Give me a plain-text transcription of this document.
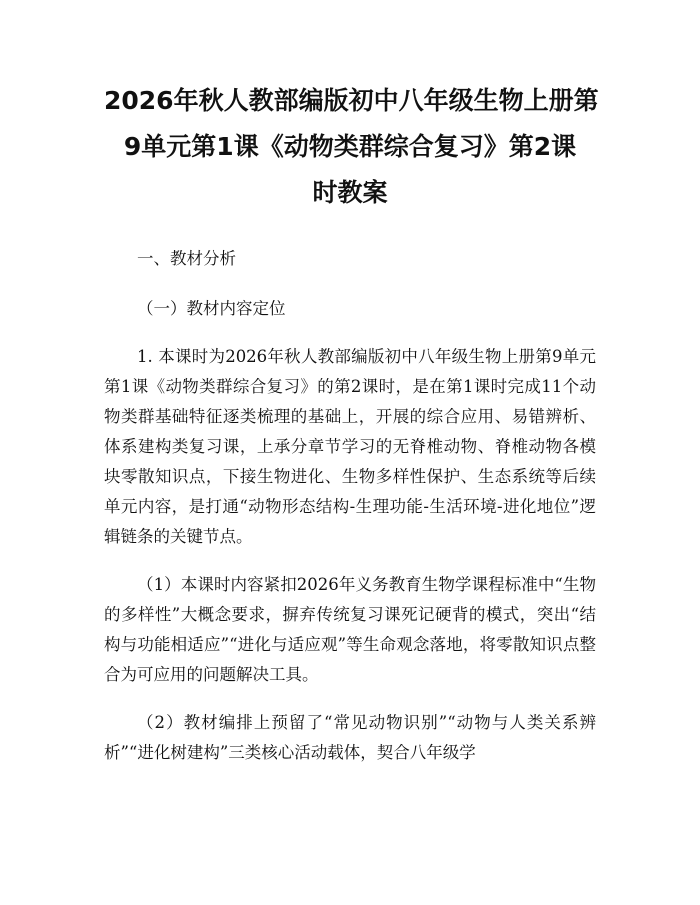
2026年秋人教部编版初中八年级生物上册第
9单元第1课《动物类群综合复习》第2课
时教案

一、教材分析

（一）教材内容定位

1. 本课时为2026年秋人教部编版初中八年级生物上册第9单元第1课《动物类群综合复习》的第2课时，是在第1课时完成11个动物类群基础特征逐类梳理的基础上，开展的综合应用、易错辨析、体系建构类复习课，上承分章节学习的无脊椎动物、脊椎动物各模块零散知识点，下接生物进化、生物多样性保护、生态系统等后续单元内容，是打通“动物形态结构-生理功能-生活环境-进化地位”逻辑链条的关键节点。

（1）本课时内容紧扣2026年义务教育生物学课程标准中“生物的多样性”大概念要求，摒弃传统复习课死记硬背的模式，突出“结构与功能相适应”“进化与适应观”等生命观念落地，将零散知识点整合为可应用的问题解决工具。

（2）教材编排上预留了“常见动物识别”“动物与人类关系辨析”“进化树建构”三类核心活动载体，契合八年级学
